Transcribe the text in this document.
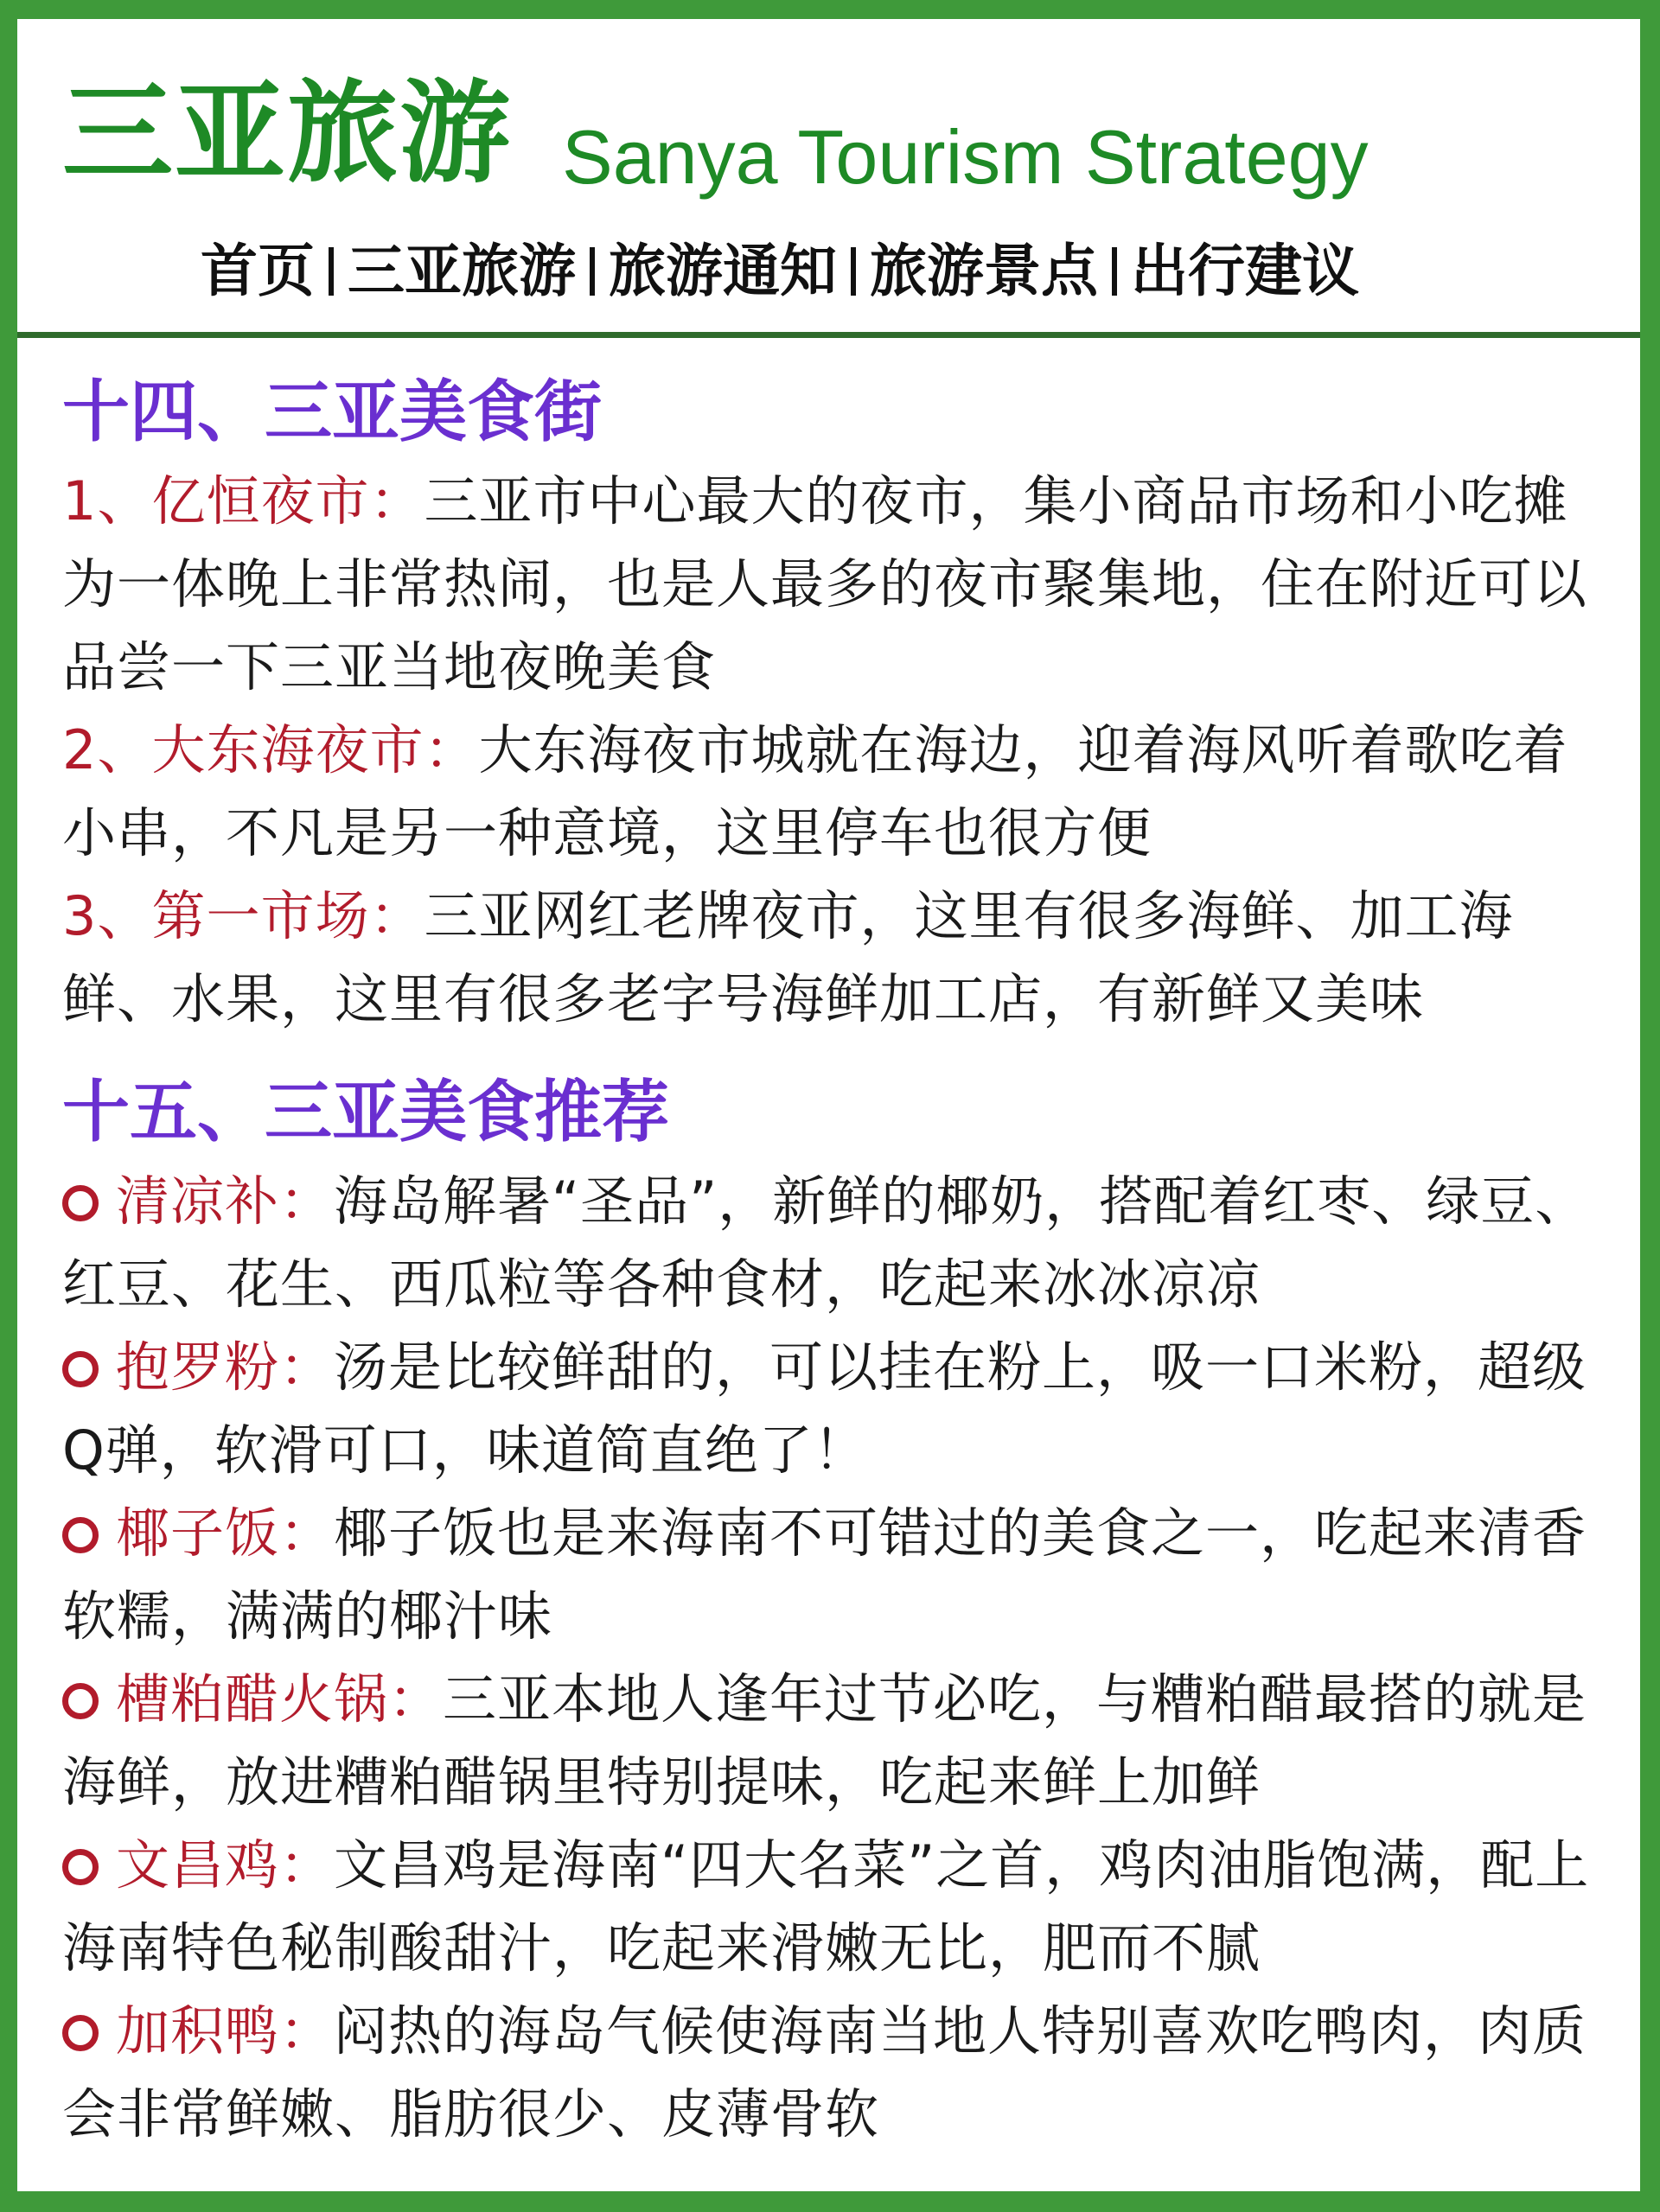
三亚旅游 Sanya Tourism Strategy
首页 三亚旅游 旅游通知 旅游景点 出行建议
十四、三亚美食街

1、亿恒夜市：三亚市中心最大的夜市，集小商品市场和小吃摊为一体晚上非常热闹，也是人最多的夜市聚集地，住在附近可以品尝一下三亚当地夜晚美食

2、大东海夜市：大东海夜市城就在海边，迎着海风听着歌吃着小串，不凡是另一种意境，这里停车也很方便

3、第一市场：三亚网红老牌夜市，这里有很多海鲜、加工海鲜、水果，这里有很多老字号海鲜加工店，有新鲜又美味

十五、三亚美食推荐

清凉补：海岛解暑“圣品”，新鲜的椰奶，搭配着红枣、绿豆、红豆、花生、西瓜粒等各种食材，吃起来冰冰凉凉

抱罗粉：汤是比较鲜甜的，可以挂在粉上，吸一口米粉，超级Q弹，软滑可口，味道简直绝了！

椰子饭：椰子饭也是来海南不可错过的美食之一，吃起来清香软糯，满满的椰汁味

槽粕醋火锅：三亚本地人逢年过节必吃，与糟粕醋最搭的就是海鲜，放进糟粕醋锅里特别提味，吃起来鲜上加鲜

文昌鸡：文昌鸡是海南“四大名菜”之首，鸡肉油脂饱满，配上海南特色秘制酸甜汁，吃起来滑嫩无比，肥而不腻

加积鸭：闷热的海岛气候使海南当地人特别喜欢吃鸭肉，肉质会非常鲜嫩、脂肪很少、皮薄骨软
